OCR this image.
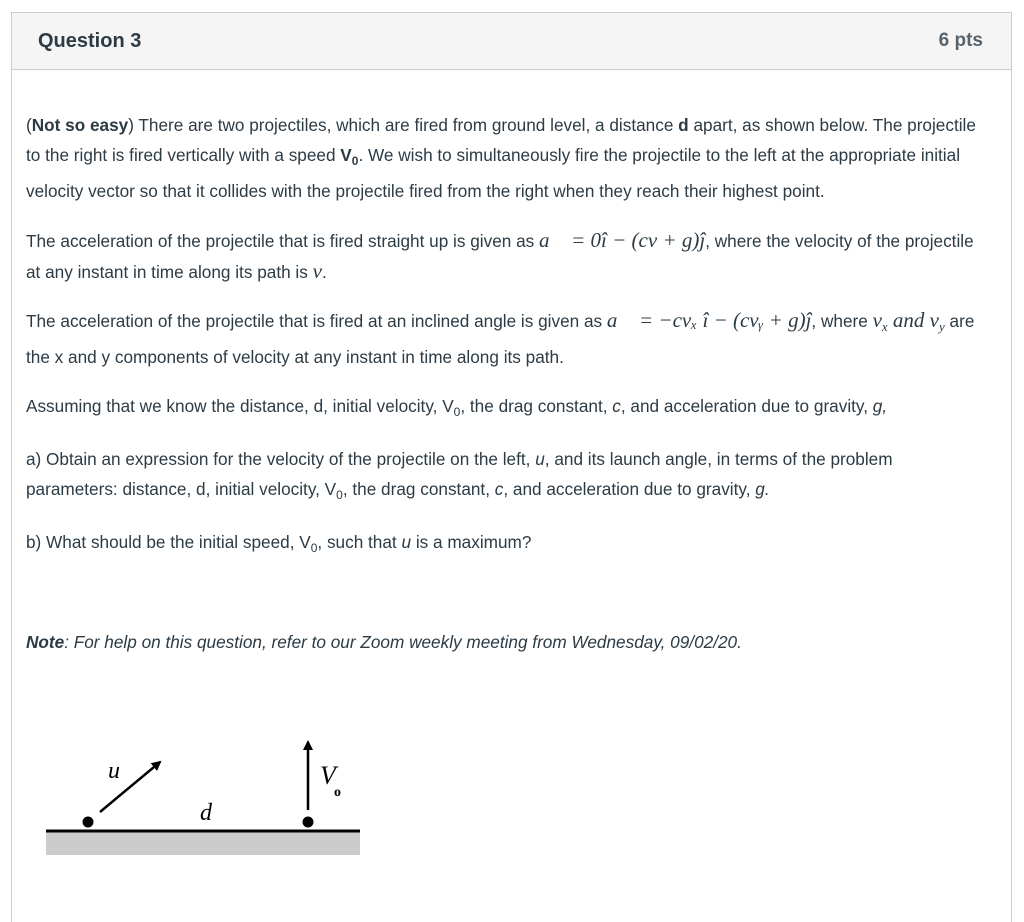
Question 3	6 pts

(Not so easy) There are two projectiles, which are fired from ground level, a distance d apart, as shown below. The projectile to the right is fired vertically with a speed $V_0$. We wish to simultaneously fire the projectile to the left at the appropriate initial velocity vector so that it collides with the projectile fired from the right when they reach their highest point.

The acceleration of the projectile that is fired straight up is given as a⃗ = 0î − (cv + g)ĵ, where the velocity of the projectile at any instant in time along its path is v.

The acceleration of the projectile that is fired at an inclined angle is given as a⃗ = −cvₓ î − (cvᵧ + g)ĵ, where $v_x$ and $v_y$ are the x and y components of velocity at any instant in time along its path.

Assuming that we know the distance, d, initial velocity, $V_0$, the drag constant, c, and acceleration due to gravity, g,

a) Obtain an expression for the velocity of the projectile on the left, u, and its launch angle, in terms of the problem parameters: distance, d, initial velocity, $V_0$, the drag constant, c, and acceleration due to gravity, g.

b) What should be the initial speed, $V_0$, such that u is a maximum?

Note: For help on this question, refer to our Zoom weekly meeting from Wednesday, 09/02/20.

u
d
V
o
